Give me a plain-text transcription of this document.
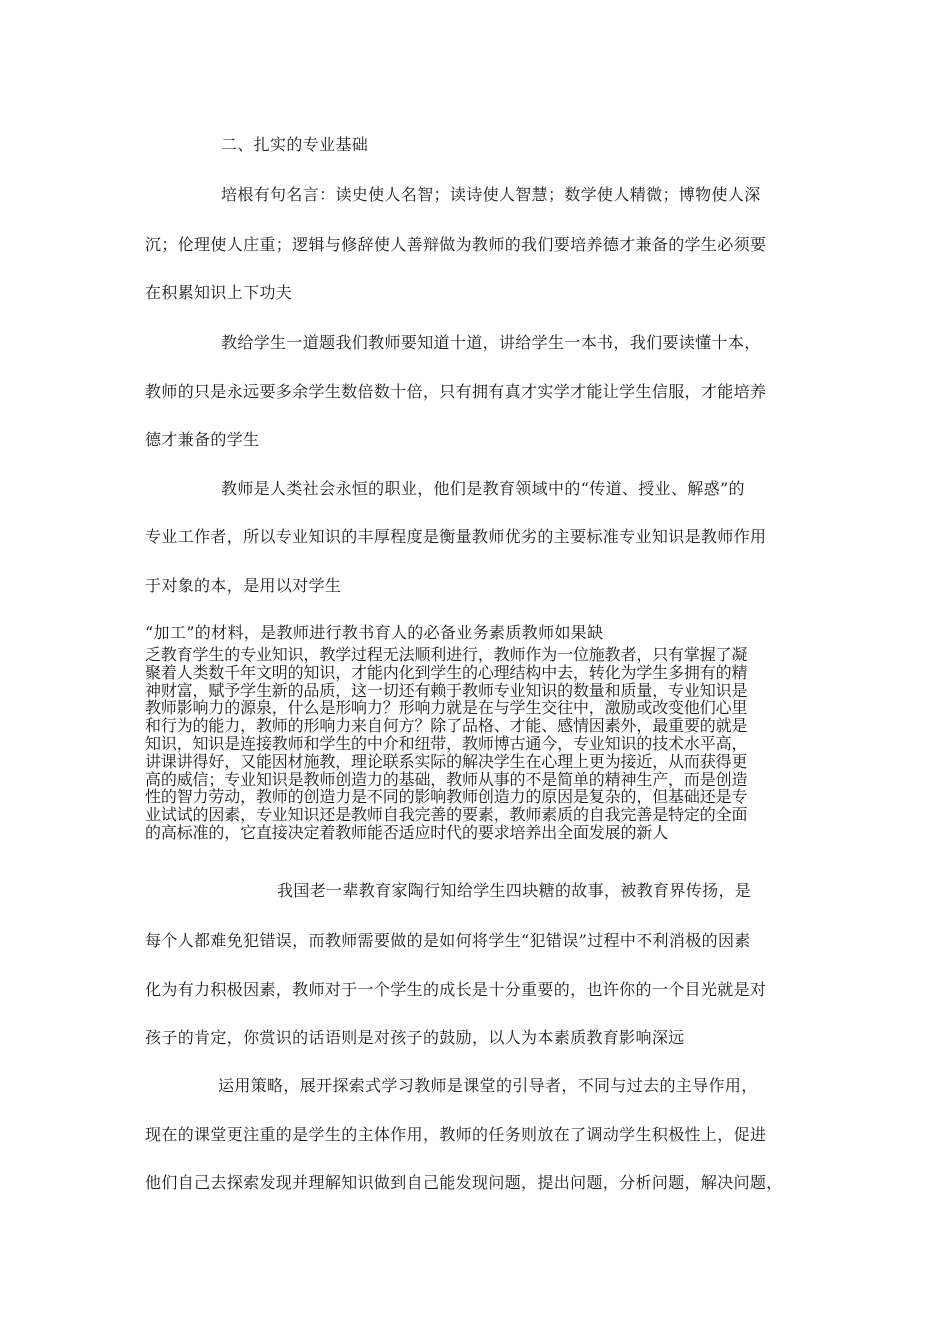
二、扎实的专业基础
培根有句名言：读史使人名智；读诗使人智慧；数学使人精微；博物使人深
沉；伦理使人庄重；逻辑与修辞使人善辩做为教师的我们要培养德才兼备的学生必须要
在积累知识上下功夫
教给学生一道题我们教师要知道十道，讲给学生一本书，我们要读懂十本，
教师的只是永远要多余学生数倍数十倍，只有拥有真才实学才能让学生信服，才能培养
德才兼备的学生
教师是人类社会永恒的职业，他们是教育领域中的“传道、授业、解惑”的
专业工作者，所以专业知识的丰厚程度是衡量教师优劣的主要标准专业知识是教师作用
于对象的本，是用以对学生
“加工”的材料，是教师进行教书育人的必备业务素质教师如果缺
乏教育学生的专业知识，教学过程无法顺利进行，教师作为一位施教者，只有掌握了凝
聚着人类数千年文明的知识，才能内化到学生的心理结构中去，转化为学生多拥有的精
神财富，赋予学生新的品质，这一切还有赖于教师专业知识的数量和质量，专业知识是
教师影响力的源泉，什么是形响力？形响力就是在与学生交往中，激励或改变他们心里
和行为的能力，教师的形响力来自何方？除了品格、才能、感情因素外，最重要的就是
知识，知识是连接教师和学生的中介和纽带，教师博古通今，专业知识的技术水平高，
讲课讲得好，又能因材施教，理论联系实际的解决学生在心理上更为接近，从而获得更
高的威信；专业知识是教师创造力的基础，教师从事的不是简单的精神生产，而是创造
性的智力劳动，教师的创造力是不同的影响教师创造力的原因是复杂的，但基础还是专
业试试的因素，专业知识还是教师自我完善的要素，教师素质的自我完善是特定的全面
的高标准的，它直接决定着教师能否适应时代的要求培养出全面发展的新人
我国老一辈教育家陶行知给学生四块糖的故事，被教育界传扬，是
每个人都难免犯错误，而教师需要做的是如何将学生“犯错误”过程中不利消极的因素
化为有力积极因素，教师对于一个学生的成长是十分重要的，也许你的一个目光就是对
孩子的肯定，你赏识的话语则是对孩子的鼓励，以人为本素质教育影响深远
运用策略，展开探索式学习教师是课堂的引导者，不同与过去的主导作用，
现在的课堂更注重的是学生的主体作用，教师的任务则放在了调动学生积极性上，促进
他们自己去探索发现并理解知识做到自己能发现问题，提出问题，分析问题，解决问题，
